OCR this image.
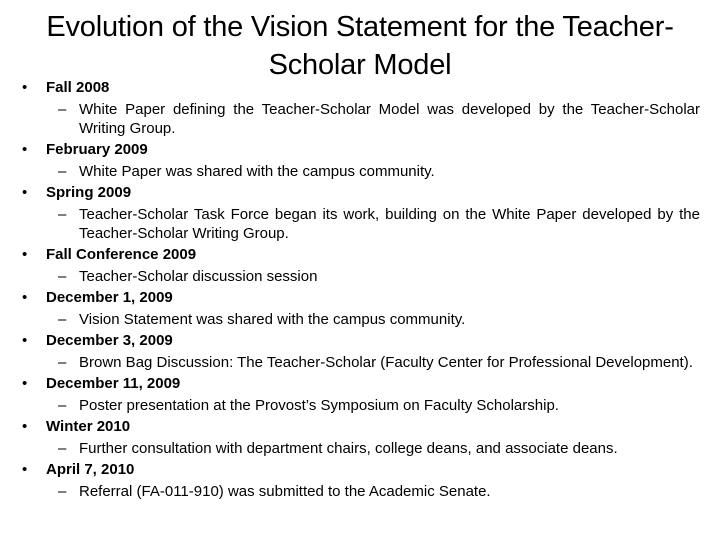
Evolution of the Vision Statement for the Teacher-Scholar Model
•	Fall 2008
– White Paper defining the Teacher-Scholar Model was developed by the Teacher-Scholar Writing Group.
•	February 2009
– White Paper was shared with the campus community.
•	Spring 2009
– Teacher-Scholar Task Force began its work, building on the White Paper developed by the Teacher-Scholar Writing Group.
•	Fall Conference 2009
– Teacher-Scholar discussion session
•	December 1, 2009
– Vision Statement was shared with the campus community.
•	December 3, 2009
– Brown Bag Discussion: The Teacher-Scholar (Faculty Center for Professional Development).
•	December 11, 2009
– Poster presentation at the Provost’s Symposium on Faculty Scholarship.
•	Winter 2010
– Further consultation with department chairs, college deans, and associate deans.
•	April 7, 2010
– Referral (FA-011-910) was submitted to the Academic Senate.
